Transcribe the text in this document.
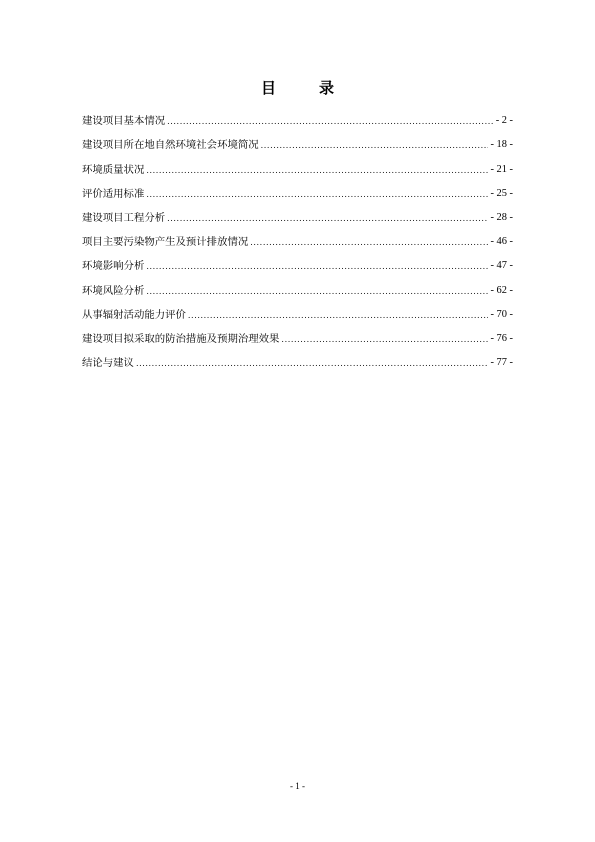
目　录
建设项目基本情况 .....	- 2 -
建设项目所在地自然环境社会环境简况 .....	- 18 -
环境质量状况 .....	- 21 -
评价适用标准 .....	- 25 -
建设项目工程分析 .....	- 28 -
项目主要污染物产生及预计排放情况 .....	- 46 -
环境影响分析 .....	- 47 -
环境风险分析 .....	- 62 -
从事辐射活动能力评价 .....	- 70 -
建设项目拟采取的防治措施及预期治理效果 .....	- 76 -
结论与建议 .....	- 77 -
- 1 -
